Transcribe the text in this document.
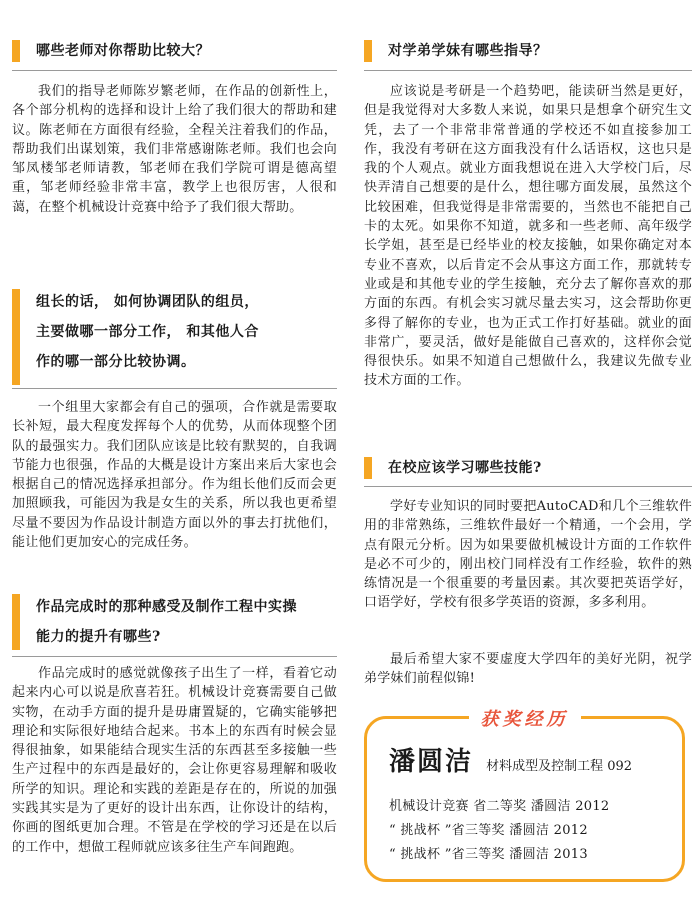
哪些老师对你帮助比较大？
我们的指导老师陈岁繁老师，在作品的创新性上，各个部分机构的选择和设计上给了我们很大的帮助和建议。陈老师在方面很有经验，全程关注着我们的作品，帮助我们出谋划策，我们非常感谢陈老师。我们也会向邹凤楼邹老师请教，邹老师在我们学院可谓是德高望重，邹老师经验非常丰富，教学上也很厉害，人很和蔼，在整个机械设计竞赛中给予了我们很大帮助。
组长的话， 如何协调团队的组员，
主要做哪一部分工作， 和其他人合
作的哪一部分比较协调。
一个组里大家都会有自己的强项，合作就是需要取长补短，最大程度发挥每个人的优势，从而体现整个团队的最强实力。我们团队应该是比较有默契的，自我调节能力也很强，作品的大概是设计方案出来后大家也会根据自己的情况选择承担部分。作为组长他们反而会更加照顾我，可能因为我是女生的关系，所以我也更希望尽量不要因为作品设计制造方面以外的事去打扰他们，能让他们更加安心的完成任务。
作品完成时的那种感受及制作工程中实操
能力的提升有哪些?
作品完成时的感觉就像孩子出生了一样，看着它动起来内心可以说是欣喜若狂。机械设计竞赛需要自己做实物，在动手方面的提升是毋庸置疑的，它确实能够把理论和实际很好地结合起来。书本上的东西有时候会显得很抽象，如果能结合现实生活的东西甚至多接触一些生产过程中的东西是最好的，会让你更容易理解和吸收所学的知识。理论和实践的差距是存在的，所说的加强实践其实是为了更好的设计出东西，让你设计的结构，你画的图纸更加合理。不管是在学校的学习还是在以后的工作中，想做工程师就应该多往生产车间跑跑。
对学弟学妹有哪些指导？
应该说是考研是一个趋势吧，能读研当然是更好，但是我觉得对大多数人来说，如果只是想拿个研究生文凭，去了一个非常非常普通的学校还不如直接参加工作，我没有考研在这方面我没有什么话语权，这也只是我的个人观点。就业方面我想说在进入大学校门后，尽快弄清自己想要的是什么，想往哪方面发展，虽然这个比较困难，但我觉得是非常需要的，当然也不能把自己卡的太死。如果你不知道，就多和一些老师、高年级学长学姐，甚至是已经毕业的校友接触，如果你确定对本专业不喜欢，以后肯定不会从事这方面工作，那就转专业或是和其他专业的学生接触，充分去了解你喜欢的那方面的东西。有机会实习就尽量去实习，这会帮助你更多得了解你的专业，也为正式工作打好基础。就业的面非常广，要灵活，做好是能做自己喜欢的，这样你会觉得很快乐。如果不知道自己想做什么，我建议先做专业技术方面的工作。
在校应该学习哪些技能?
学好专业知识的同时要把AutoCAD和几个三维软件用的非常熟练，三维软件最好一个精通，一个会用，学点有限元分析。因为如果要做机械设计方面的工作软件是必不可少的，刚出校门同样没有工作经验，软件的熟练情况是一个很重要的考量因素。其次要把英语学好，口语学好，学校有很多学英语的资源，多多利用。
最后希望大家不要虚度大学四年的美好光阴，祝学弟学妹们前程似锦!
获奖经历
潘圆洁 材料成型及控制工程 092
机械设计竞赛 省二等奖 潘圆洁 2012
“ 挑战杯 ”省三等奖 潘圆洁 2012
“ 挑战杯 ”省三等奖 潘圆洁 2013
